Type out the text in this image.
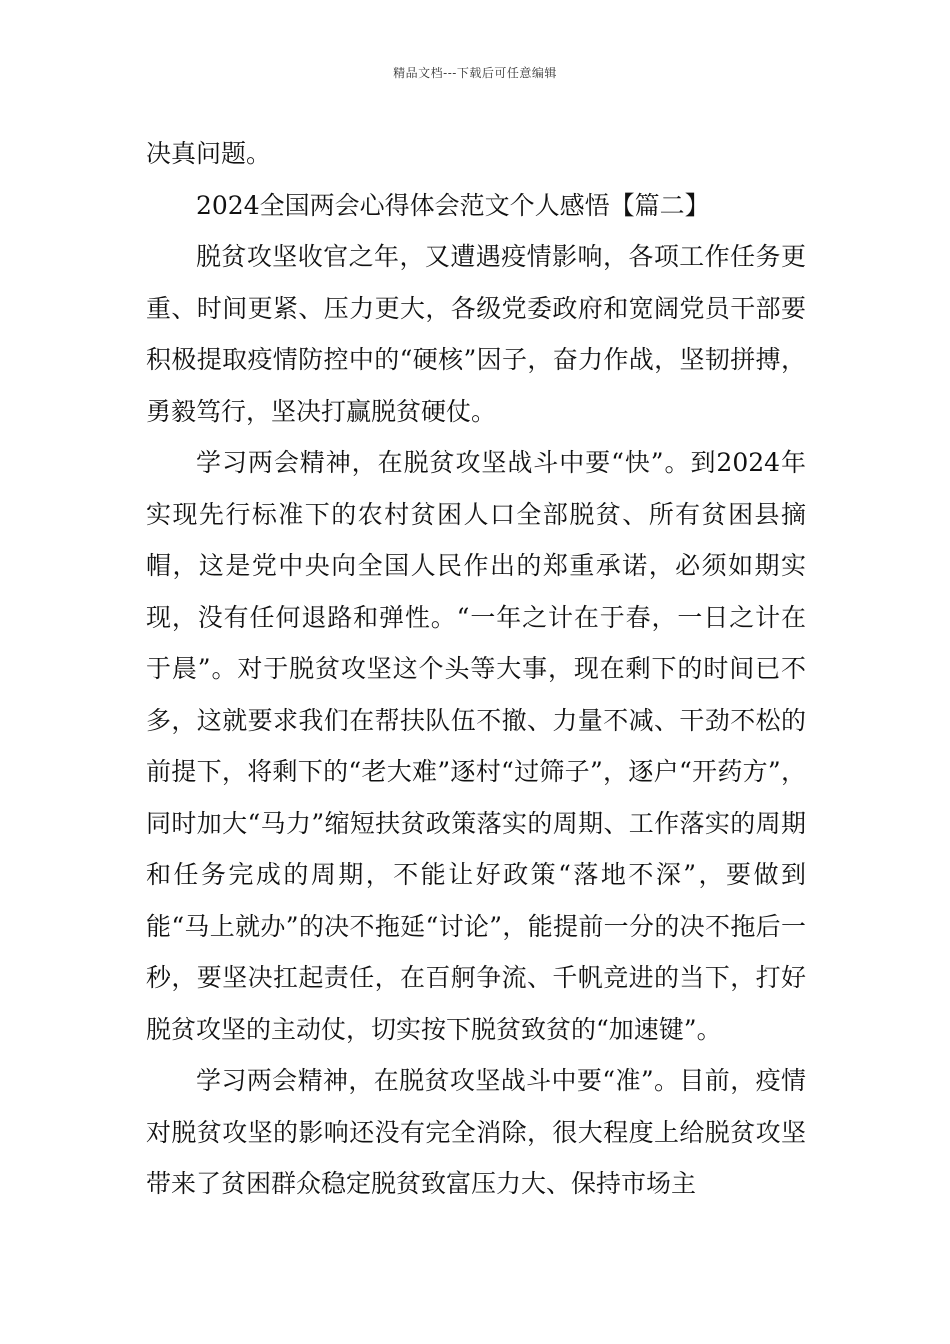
精品文档---下载后可任意编辑

决真问题。

2024全国两会心得体会范文个人感悟【篇二】

脱贫攻坚收官之年，又遭遇疫情影响，各项工作任务更重、时间更紧、压力更大，各级党委政府和宽阔党员干部要积极提取疫情防控中的“硬核”因子，奋力作战，坚韧拼搏，勇毅笃行，坚决打赢脱贫硬仗。

学习两会精神，在脱贫攻坚战斗中要“快”。到2024年实现先行标准下的农村贫困人口全部脱贫、所有贫困县摘帽，这是党中央向全国人民作出的郑重承诺，必须如期实现，没有任何退路和弹性。“一年之计在于春，一日之计在于晨”。对于脱贫攻坚这个头等大事，现在剩下的时间已不多，这就要求我们在帮扶队伍不撤、力量不减、干劲不松的前提下，将剩下的“老大难”逐村“过筛子”，逐户“开药方”，同时加大“马力”缩短扶贫政策落实的周期、工作落实的周期和任务完成的周期，不能让好政策“落地不深”，要做到能“马上就办”的决不拖延“讨论”，能提前一分的决不拖后一秒，要坚决扛起责任，在百舸争流、千帆竞进的当下，打好脱贫攻坚的主动仗，切实按下脱贫致贫的“加速键”。

学习两会精神，在脱贫攻坚战斗中要“准”。目前，疫情对脱贫攻坚的影响还没有完全消除，很大程度上给脱贫攻坚带来了贫困群众稳定脱贫致富压力大、保持市场主
